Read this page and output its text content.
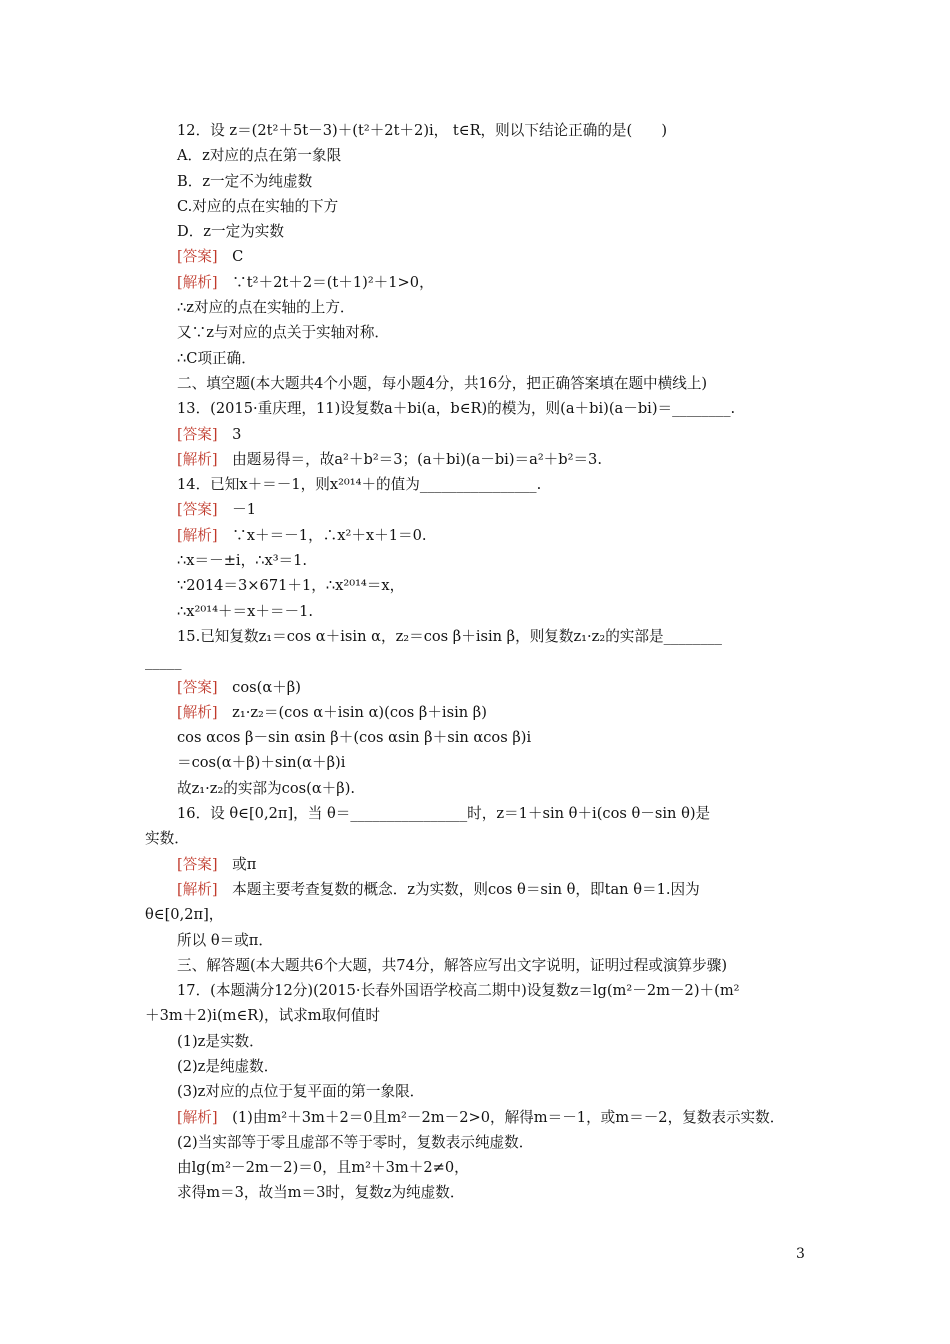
12．设 z＝(2t²＋5t－3)＋(t²＋2t＋2)i， t∈R，则以下结论正确的是(　　)
A．z对应的点在第一象限
B．z一定不为纯虚数
C.对应的点在实轴的下方
D．z一定为实数
[答案]　C
[解析]　∵t²＋2t＋2＝(t＋1)²＋1>0，
∴z对应的点在实轴的上方．
又∵z与对应的点关于实轴对称．
∴C项正确．
二、填空题(本大题共4个小题，每小题4分，共16分，把正确答案填在题中横线上)
13．(2015·重庆理，11)设复数a＋bi(a，b∈R)的模为，则(a＋bi)(a－bi)＝________.
[答案]　3
[解析]　由题易得＝，故a²＋b²＝3；(a＋bi)(a－bi)＝a²＋b²＝3.
14．已知x＋＝－1，则x²⁰¹⁴＋的值为________________.
[答案]　－1
[解析]　∵x＋＝－1，∴x²＋x＋1＝0.
∴x＝－±i，∴x³＝1.
∵2014＝3×671＋1，∴x²⁰¹⁴＝x，
∴x²⁰¹⁴＋＝x＋＝－1.
15.已知复数z₁＝cos α＋isin α，z₂＝cos β＋isin β，则复数z₁·z₂的实部是________
_____
[答案]　cos(α＋β)
[解析]　z₁·z₂＝(cos α＋isin α)(cos β＋isin β)
cos αcos β－sin αsin β＋(cos αsin β＋sin αcos β)i
＝cos(α＋β)＋sin(α＋β)i
故z₁·z₂的实部为cos(α＋β).
16．设 θ∈[0,2π]，当 θ＝________________时，z＝1＋sin θ＋i(cos θ－sin θ)是
实数．
[答案]　或π
[解析]　本题主要考查复数的概念．z为实数，则cos θ＝sin θ，即tan θ＝1.因为
θ∈[0,2π]，
所以 θ＝或π．
三、解答题(本大题共6个大题，共74分，解答应写出文字说明，证明过程或演算步骤)
17．(本题满分12分)(2015·长春外国语学校高二期中)设复数z＝lg(m²－2m－2)＋(m²
＋3m＋2)i(m∈R)，试求m取何值时
(1)z是实数．
(2)z是纯虚数．
(3)z对应的点位于复平面的第一象限．
[解析]　(1)由m²＋3m＋2＝0且m²－2m－2>0，解得m＝－1，或m＝－2，复数表示实数．
(2)当实部等于零且虚部不等于零时，复数表示纯虚数．
由lg(m²－2m－2)＝0，且m²＋3m＋2≠0，
求得m＝3，故当m＝3时，复数z为纯虚数．
3
